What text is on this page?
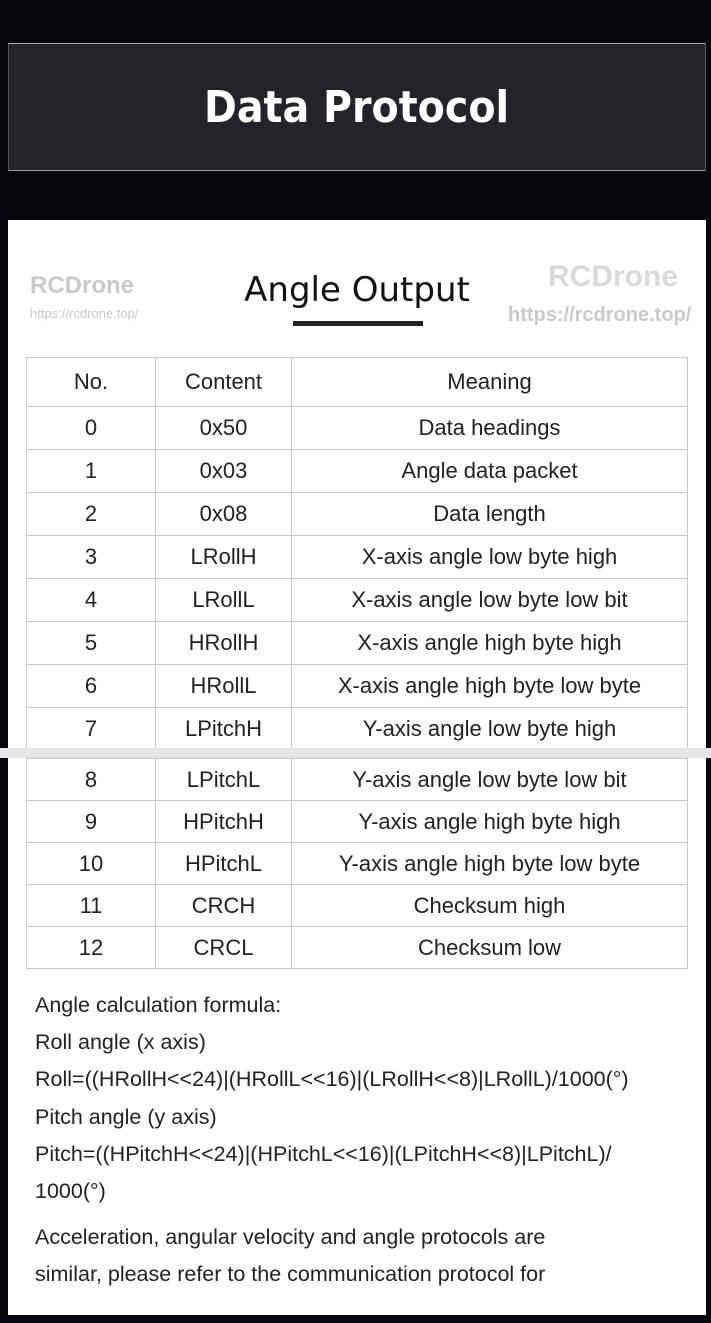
Data Protocol
Angle Output
No.	Content	Meaning
0	0x50	Data headings
1	0x03	Angle data packet
2	0x08	Data length
3	LRollH	X-axis angle low byte high
4	LRollL	X-axis angle low byte low bit
5	HRollH	X-axis angle high byte high
6	HRollL	X-axis angle high byte low byte
7	LPitchH	Y-axis angle low byte high
8	LPitchL	Y-axis angle low byte low bit
9	HPitchH	Y-axis angle high byte high
10	HPitchL	Y-axis angle high byte low byte
11	CRCH	Checksum high
12	CRCL	Checksum low

Angle calculation formula:

Roll angle (x axis)

Roll=((HRollH<<24)|(HRollL<<16)|(LRollH<<8)|LRollL)/1000(°)

Pitch angle (y axis)

Pitch=((HPitchH<<24)|(HPitchL<<16)|(LPitchH<<8)|LPitchL)/

1000(°)

Acceleration, angular velocity and angle protocols are

similar, please refer to the communication protocol for

RCDrone
https://rcdrone.top/
RCDrone
https://rcdrone.top/
